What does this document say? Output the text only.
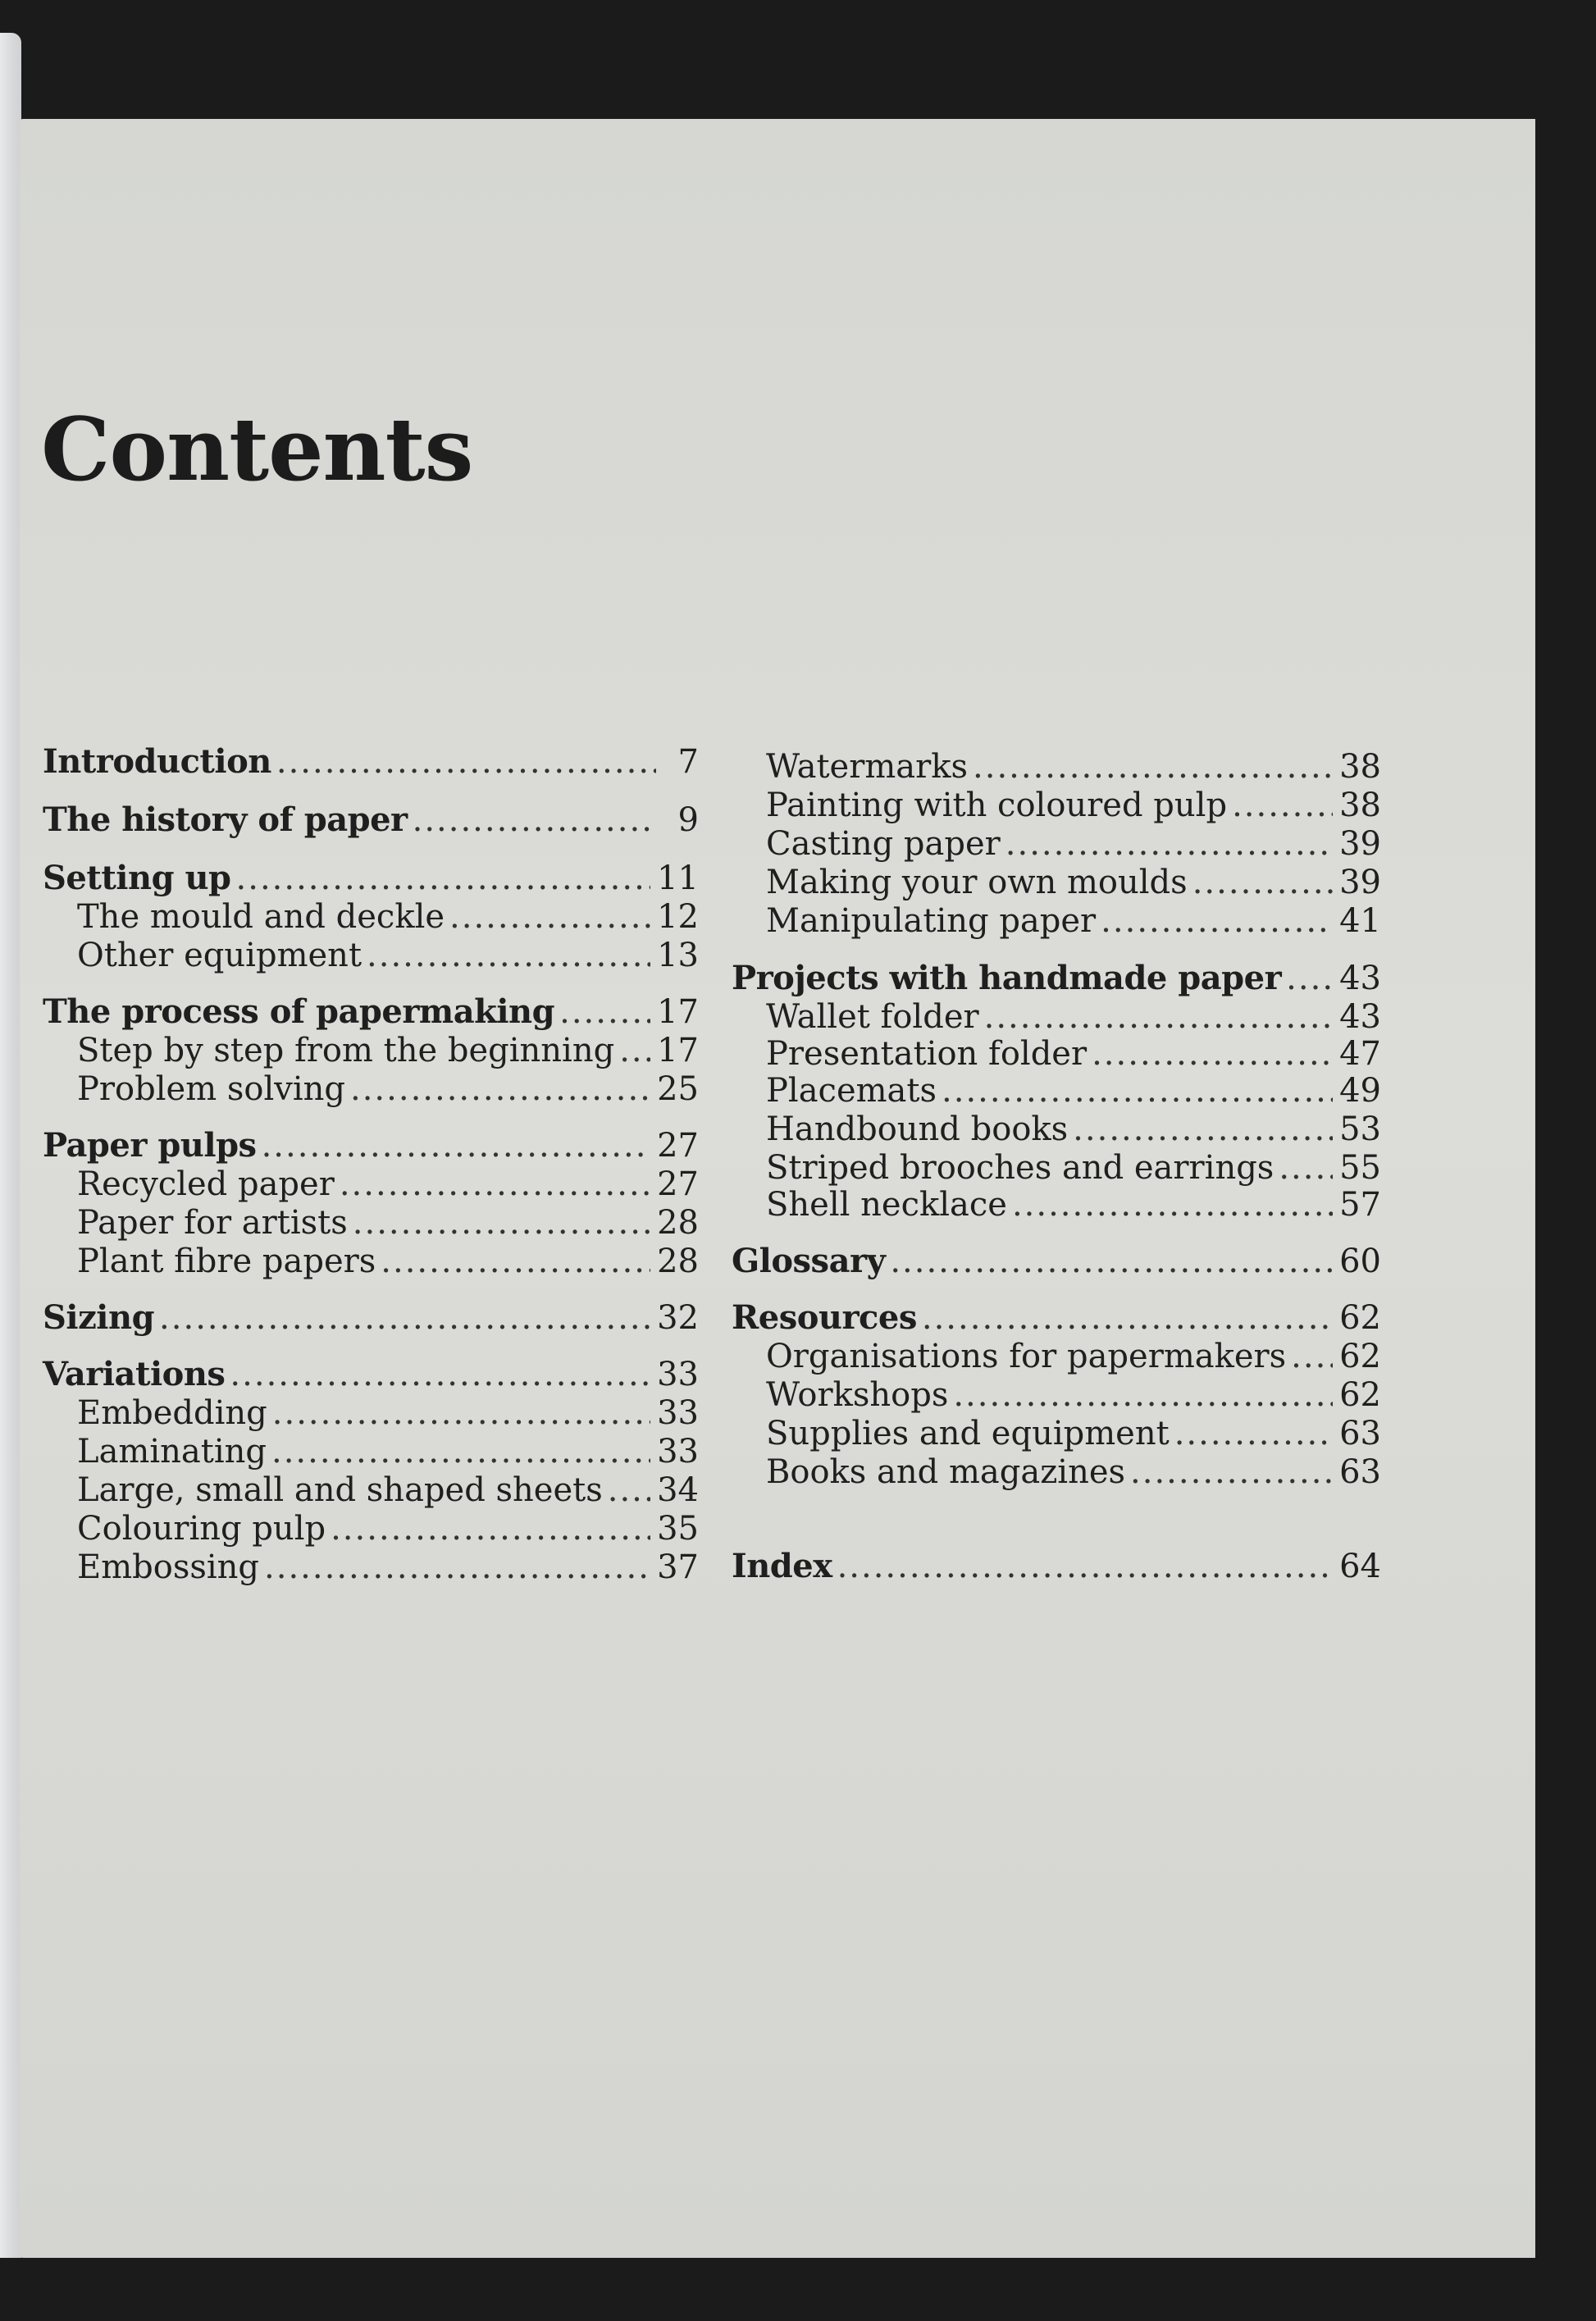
Contents
Introduction .....	7
The history of paper .....	9
Setting up .....	11
The mould and deckle .....	12
Other equipment .....	13
The process of papermaking .....	17
Step by step from the beginning ..... 17
Problem solving .....	25
Paper pulps .....	27
Recycled paper .....	27
Paper for artists .....	28
Plant fibre papers .....	28
Sizing .....	32
Variations .....	33
Embedding .....	33
Laminating .....	33
Large, small and shaped sheets ..... 34
Colouring pulp .....	35
Embossing .....	37
Watermarks .....	38
Painting with coloured pulp .....	38
Casting paper .....	39
Making your own moulds .....	39
Manipulating paper .....	41
Projects with handmade paper ..... 43
Wallet folder .....	43
Presentation folder .....	47
Placemats .....	49
Handbound books .....	53
Striped brooches and earrings ..... 55
Shell necklace .....	57
Glossary .....	60
Resources .....	62
Organisations for papermakers ..... 62
Workshops .....	62
Supplies and equipment .....	63
Books and magazines .....	63
Index .....	64
